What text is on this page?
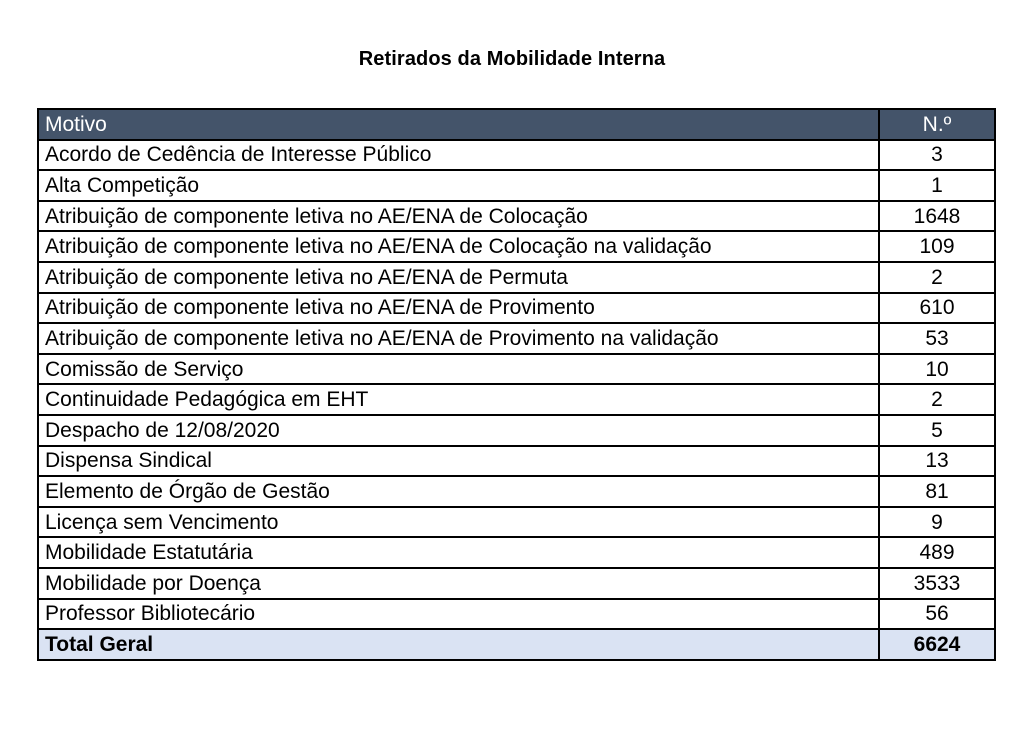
Retirados da Mobilidade Interna
Motivo	N.º
Acordo de Cedência de Interesse Público	3
Alta Competição	1
Atribuição de componente letiva no AE/ENA de Colocação	1648
Atribuição de componente letiva no AE/ENA de Colocação na validação	109
Atribuição de componente letiva no AE/ENA de Permuta	2
Atribuição de componente letiva no AE/ENA de Provimento	610
Atribuição de componente letiva no AE/ENA de Provimento na validação	53
Comissão de Serviço	10
Continuidade Pedagógica em EHT	2
Despacho de 12/08/2020	5
Dispensa Sindical	13
Elemento de Órgão de Gestão	81
Licença sem Vencimento	9
Mobilidade Estatutária	489
Mobilidade por Doença	3533
Professor Bibliotecário	56
Total Geral	6624
